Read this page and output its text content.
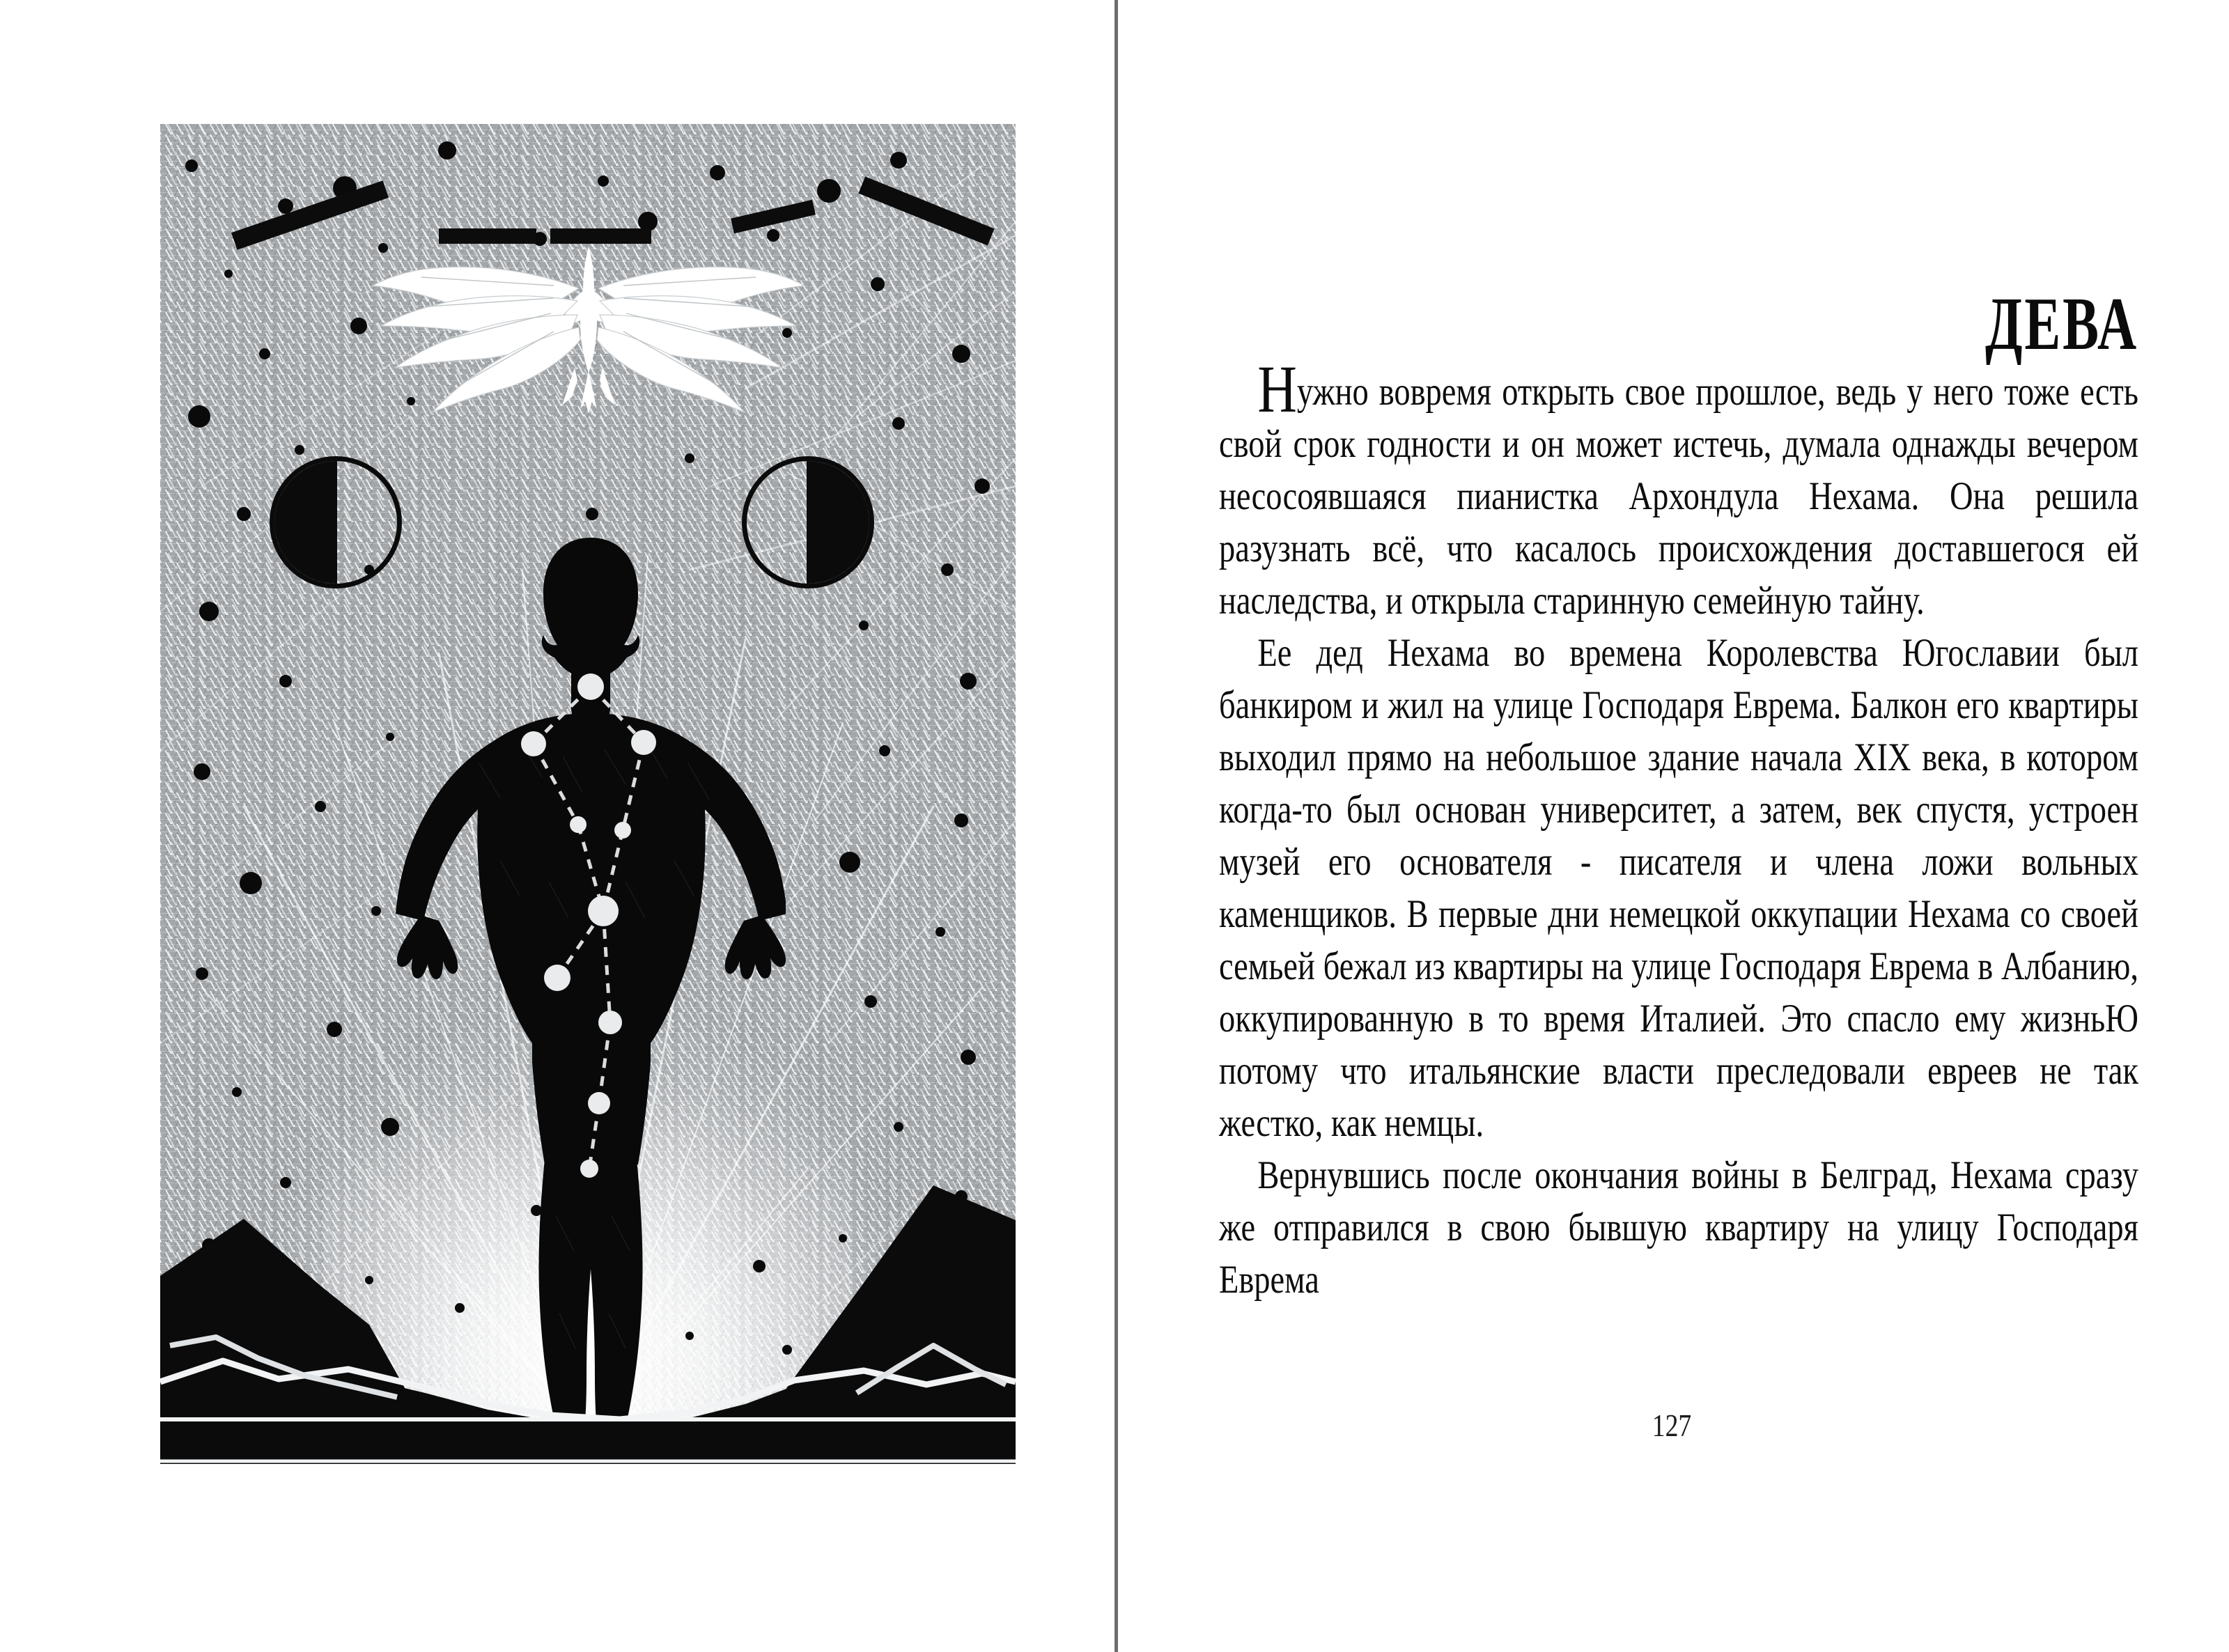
ДЕВА

Нужно вовремя открыть свое прошлое, ведь у него тоже есть свой срок годности и он может истечь, думала однажды вечером несосоявшаяся пианистка Архондула Нехама. Она решила разузнать всё, что касалось происхождения доставшегося ей наследства, и открыла старинную семейную тайну.

Ее дед Нехама во времена Королевства Югославии был банкиром и жил на улице Господаря Еврема. Балкон его квартиры выходил прямо на небольшое здание начала XIX века, в котором когда-то был основан университет, а затем, век спустя, устроен музей его основателя - писателя и члена ложи вольных каменщиков. В первые дни немецкой оккупации Нехама со своей семьей бежал из квартиры на улице Господаря Еврема в Албанию, оккупированную в то время Италией. Это спасло ему жизньЮ потому что итальянские власти преследовали евреев не так жестко, как немцы.

Вернувшись после окончания войны в Белград, Нехама сразу же отправился в свою бывшую квартиру на улицу Господаря Еврема

127
